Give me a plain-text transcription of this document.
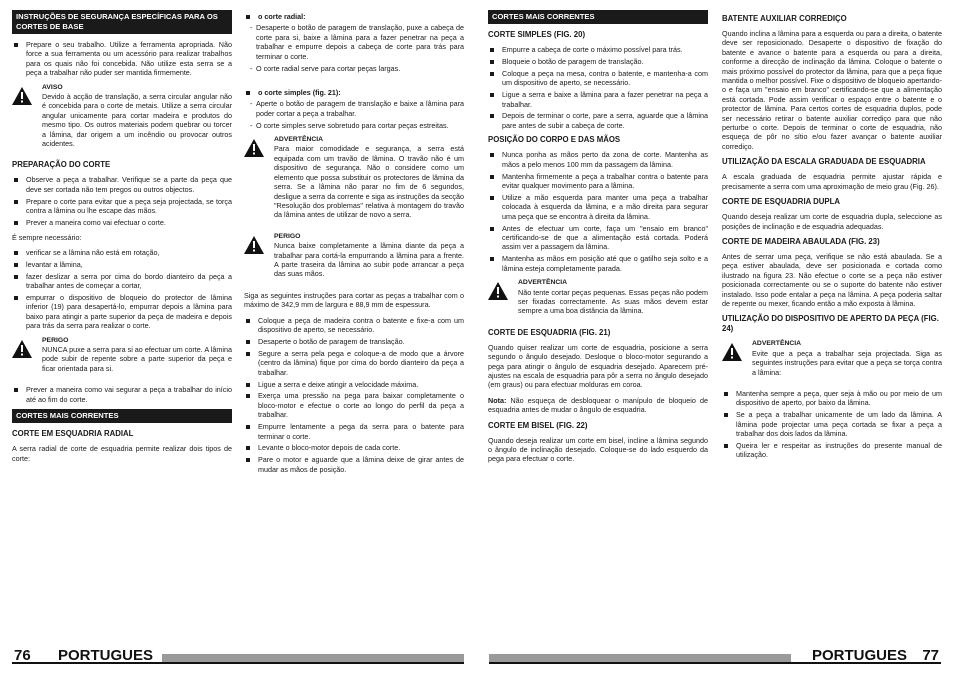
INSTRUÇÕES DE SEGURANÇA ESPECÍFICAS PARA OS CORTES DE BASE
Prepare o seu trabalho. Utilize a ferramenta apropriada. Não force a sua ferramenta ou um acessório para realizar trabalhos para os quais não foi concebida. Não utilize esta serra se a peça a trabalhar não puder ser mantida firmemente.
AVISO

Devido à acção de translação, a serra circular angular não é concebida para o corte de metais. Utilize a serra circular angular unicamente para cortar madeira e produtos do mesmo tipo. Os outros materiais podem quebrar ou torcer a lâmina, dar origem a um incêndio ou provocar outros acidentes.

PREPARAÇÃO DO CORTE
Observe a peça a trabalhar. Verifique se a parte da peça que deve ser cortada não tem pregos ou outros objectos.
Prepare o corte para evitar que a peça seja projectada, se torça contra a lâmina ou lhe escape das mãos.
Prever a maneira como vai efectuar o corte.

É sempre necessário:

verificar se a lâmina não está em rotação,
levantar a lâmina,
fazer deslizar a serra por cima do bordo dianteiro da peça a trabalhar antes de começar a cortar,
empurrar o dispositivo de bloqueio do protector de lâmina inferior (19) para desapertá-lo, empurrar depois a lâmina para baixo para atingir a parte superior da peça de madeira e depois para trás da serra para realizar o corte.
PERIGO

NUNCA puxe a serra para si ao efectuar um corte. A lâmina pode subir de repente sobre a parte superior da peça e ficar orientada para si.

Prever a maneira como vai segurar a peça a trabalhar do início até ao fim do corte.
CORTES MAIS CORRENTES
CORTE EM ESQUADRIA RADIAL

A serra radial de corte de esquadria permite realizar dois tipos de corte:

o corte radial:
- Desaperte o botão de paragem de translação, puxe a cabeça de corte para si, baixe a lâmina para a fazer penetrar na peça a trabalhar e empurre depois a cabeça de corte para trás para terminar o corte.
- O corte radial serve para cortar peças largas.
o corte simples (fig. 21):
- Aperte o botão de paragem de translação e baixe a lâmina para poder cortar a peça a trabalhar.
- O corte simples serve sobretudo para cortar peças estreitas.
ADVERTÊNCIA

Para maior comodidade e segurança, a serra está equipada com um travão de lâmina. O travão não é um dispositivo de segurança. Não o considere como um elemento que possa substituir os protectores de lâmina da serra. Se a lâmina não parar no fim de 6 segundos, desligue a serra da corrente e siga as instruções da secção "Resolução dos problemas" relativa à montagem do travão da lâmina antes de utilizar de novo a serra.

PERIGO

Nunca baixe completamente a lâmina diante da peça a trabalhar para cortá-la empurrando a lâmina para a frente. A parte traseira da lâmina ao subir pode arrancar a peça das suas mãos.

Siga as seguintes instruções para cortar as peças a trabalhar com o máximo de 342,9 mm de largura e 88,9 mm de espessura.

Coloque a peça de madeira contra o batente e fixe-a com um dispositivo de aperto, se necessário.
Desaperte o botão de paragem de translação.
Segure a serra pela pega e coloque-a de modo que a árvore (centro da lâmina) fique por cima do bordo dianteiro da peça a trabalhar.
Ligue a serra e deixe atingir a velocidade máxima.
Exerça uma pressão na pega para baixar completamente o bloco-motor e efectue o corte ao longo do perfil da peça a trabalhar.
Empurre lentamente a pega da serra para o batente para terminar o corte.
Levante o bloco-motor depois de cada corte.
Pare o motor e aguarde que a lâmina deixe de girar antes de mudar as mãos de posição.
CORTES MAIS CORRENTES
CORTE SIMPLES (FIG. 20)
Empurre a cabeça de corte o máximo possível para trás.
Bloqueie o botão de paragem de translação.
Coloque a peça na mesa, contra o batente, e mantenha-a com um dispositivo de aperto, se necessário.
Ligue a serra e baixe a lâmina para a fazer penetrar na peça a trabalhar.
Depois de terminar o corte, pare a serra, aguarde que a lâmina pare antes de subir a cabeça de corte.
POSIÇÃO DO CORPO E DAS MÃOS
Nunca ponha as mãos perto da zona de corte. Mantenha as mãos a pelo menos 100 mm da passagem da lâmina.
Mantenha firmemente a peça a trabalhar contra o batente para evitar qualquer movimento para a lâmina.
Utilize a mão esquerda para manter uma peça a trabalhar colocada à esquerda da lâmina, e a mão direita para segurar uma peça que se encontra à direita da lâmina.
Antes de efectuar um corte, faça um "ensaio em branco" certificando-se de que a alimentação está cortada. Poderá assim ver a passagem da lâmina.
Mantenha as mãos em posição até que o gatilho seja solto e a lâmina esteja completamente parada.
ADVERTÊNCIA

Não tente cortar peças pequenas. Essas peças não podem ser fixadas correctamente. As suas mãos devem estar sempre a uma boa distância da lâmina.

CORTE DE ESQUADRIA (FIG. 21)

Quando quiser realizar um corte de esquadria, posicione a serra segundo o ângulo desejado. Desloque o bloco-motor segurando a pega para atingir o ângulo de esquadria desejado. Aparecem pré-ajustes na escala de esquadria para pôr a serra no ângulo desejado (em graus) ou para efectuar molduras em coroa.

Nota: Não esqueça de desbloquear o manípulo de bloqueio de esquadria antes de mudar o ângulo de esquadria.

CORTE EM BISEL (FIG. 22)

Quando deseja realizar um corte em bisel, incline a lâmina segundo o ângulo de inclinação desejado. Coloque-se do lado esquerdo da pega para efectuar o corte.

BATENTE AUXILIAR CORREDIÇO

Quando inclina a lâmina para a esquerda ou para a direita, o batente deve ser reposicionado. Desaperte o dispositivo de fixação do batente e avance o batente para a esquerda ou para a direita, conforme a direcção de inclinação da lâmina. Coloque o batente o mais próximo possível do protector da lâmina, para que a peça fique mantida o melhor possível. Fixe o dispositivo de bloqueio apertando-o e faça um "ensaio em branco" certificando-se que a alimentação está cortada. Pode assim verificar o espaço entre o batente e o protector de lâmina. Para certos cortes de esquadria duplos, pode ser necessário retirar o batente auxiliar corrediço para que não perturbe o corte. Depois de terminar o corte de esquadria, não esqueça de pôr no sítio e/ou fazer avançar o batente auxiliar corrediço.

UTILIZAÇÃO DA ESCALA GRADUADA DE ESQUADRIA

A escala graduada de esquadria permite ajustar rápida e precisamente a serra com uma aproximação de meio grau (Fig. 26).

CORTE DE ESQUADRIA DUPLA

Quando deseja realizar um corte de esquadria dupla, seleccione as posições de inclinação e de esquadria adequadas.

CORTE DE MADEIRA ABAULADA (FIG. 23)

Antes de serrar uma peça, verifique se não está abaulada. Se a peça estiver abaulada, deve ser posicionada e cortada como ilustrado na figura 23. Não efectue o corte se a peça não estiver posicionada correctamente ou se o suporte do batente não estiver instalado. Isso pode entalar a peça na lâmina. A peça poderia saltar de repente ou mexer, ficando então a mão exposta à lâmina.

UTILIZAÇÃO DO DISPOSITIVO DE APERTO DA PEÇA (FIG. 24)
ADVERTÊNCIA

Evite que a peça a trabalhar seja projectada. Siga as seguintes instruções para evitar que a peça se torça contra a lâmina:

Mantenha sempre a peça, quer seja à mão ou por meio de um dispositivo de aperto, por baixo da lâmina.
Se a peça a trabalhar unicamente de um lado da lâmina. A lâmina pode projectar uma peça cortada se fixar a peça a trabalhar dos dois lados da lâmina.
Queira ler e respeitar as instruções do presente manual de utilização.
76 PORTUGUES	PORTUGUES 77
